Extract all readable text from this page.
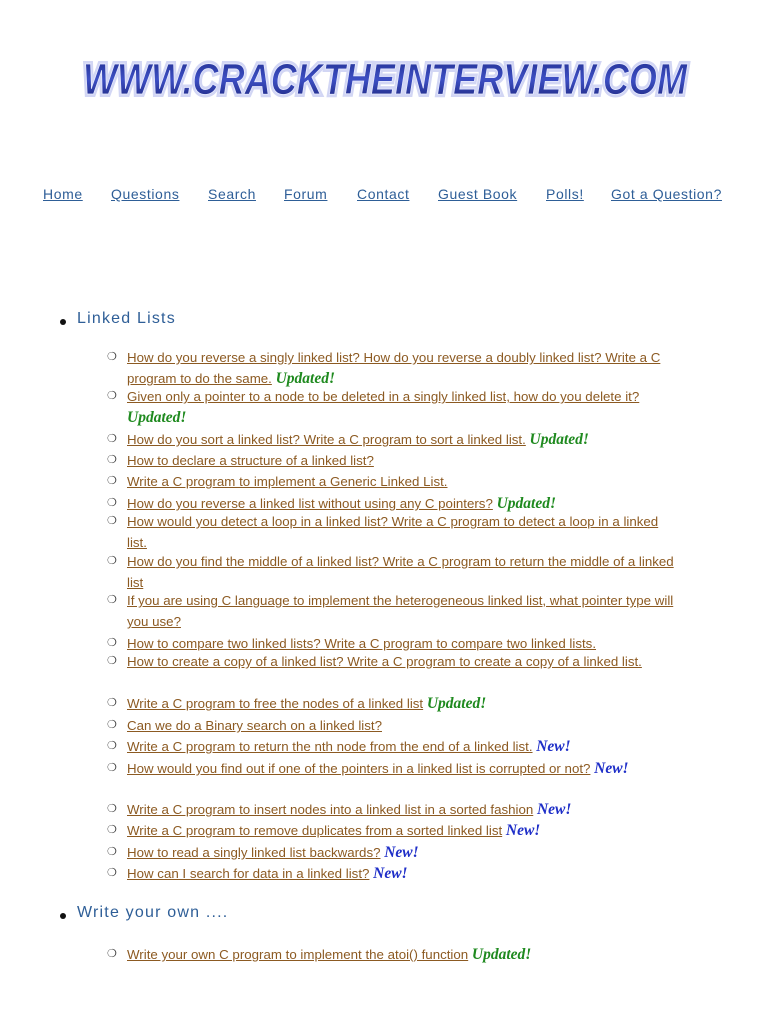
WWW.CRACKTHEINTERVIEW.COM
WWW.CRACKTHEINTERVIEW.COM
Home Questions Search Forum Contact Guest Book Polls! Got a Question?
Linked Lists
❍ How do you reverse a singly linked list? How do you reverse a doubly linked list? Write a C program to do the same. Updated!
❍ Given only a pointer to a node to be deleted in a singly linked list, how do you delete it? Updated!
❍ How do you sort a linked list? Write a C program to sort a linked list. Updated!
❍ How to declare a structure of a linked list?
❍ Write a C program to implement a Generic Linked List.
❍ How do you reverse a linked list without using any C pointers? Updated!
❍ How would you detect a loop in a linked list? Write a C program to detect a loop in a linked list.
❍ How do you find the middle of a linked list? Write a C program to return the middle of a linked list
❍ If you are using C language to implement the heterogeneous linked list, what pointer type will you use?
❍ How to compare two linked lists? Write a C program to compare two linked lists.
❍ How to create a copy of a linked list? Write a C program to create a copy of a linked list.
❍ Write a C program to free the nodes of a linked list Updated!
❍ Can we do a Binary search on a linked list?
❍ Write a C program to return the nth node from the end of a linked list. New!
❍ How would you find out if one of the pointers in a linked list is corrupted or not? New!
❍ Write a C program to insert nodes into a linked list in a sorted fashion New!
❍ Write a C program to remove duplicates from a sorted linked list New!
❍ How to read a singly linked list backwards? New!
❍ How can I search for data in a linked list? New!
Write your own ....
❍ Write your own C program to implement the atoi() function Updated!
